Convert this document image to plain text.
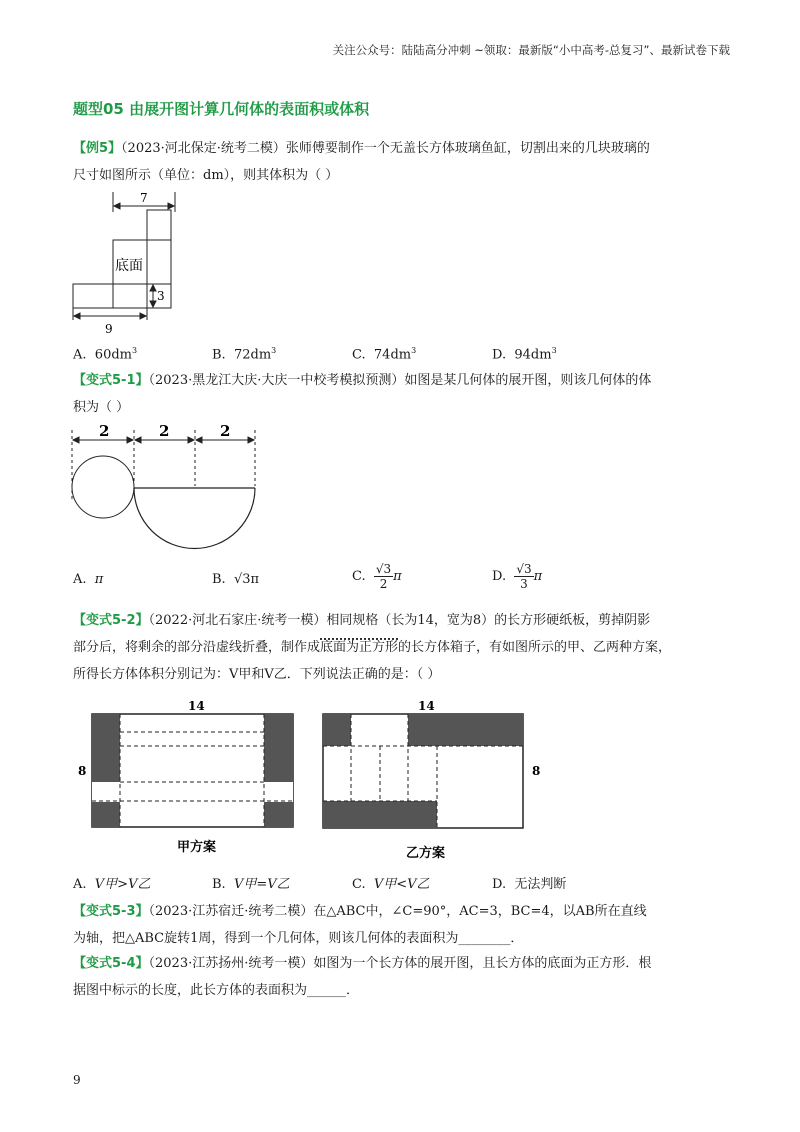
关注公众号：陆陆高分冲刺 ~领取：最新版“小中高考-总复习”、最新试卷下载
题型05 由展开图计算几何体的表面积或体积
【例5】（2023·河北保定·统考二模）张师傅要制作一个无盖长方体玻璃鱼缸，切割出来的几块玻璃的
尺寸如图所示（单位：dm），则其体积为（ ）
7
底面
3
9
A. $60dm^3$	B. $72dm^3$	C. $74dm^3$	D. $94dm^3$
【变式5-1】（2023·黑龙江大庆·大庆一中校考模拟预测）如图是某几何体的展开图，则该几何体的体
积为（ ）
2	2	2
A. π	B. √3π	C. $\frac{√3}{2}$ π	D. $\frac{√3}{3}$ π
【变式5-2】（2022·河北石家庄·统考一模）相同规格（长为14，宽为8）的长方形硬纸板，剪掉阴影
部分后，将剩余的部分沿虚线折叠，制作成底面为正方形的长方体箱子，有如图所示的甲、乙两种方案，
所得长方体体积分别记为：V甲和V乙．下列说法正确的是：（ ）
14
8
甲方案
14
8
乙方案
A. V甲>V乙	B. V甲=V乙	C. V甲<V乙	D. 无法判断
【变式5-3】（2023·江苏宿迁·统考二模）在△ABC中，∠C=90°，AC=3，BC=4，以AB所在直线
为轴，把△ABC旋转1周，得到一个几何体，则该几何体的表面积为________．
【变式5-4】（2023·江苏扬州·统考一模）如图为一个长方体的展开图，且长方体的底面为正方形．根
据图中标示的长度，此长方体的表面积为______．
9
